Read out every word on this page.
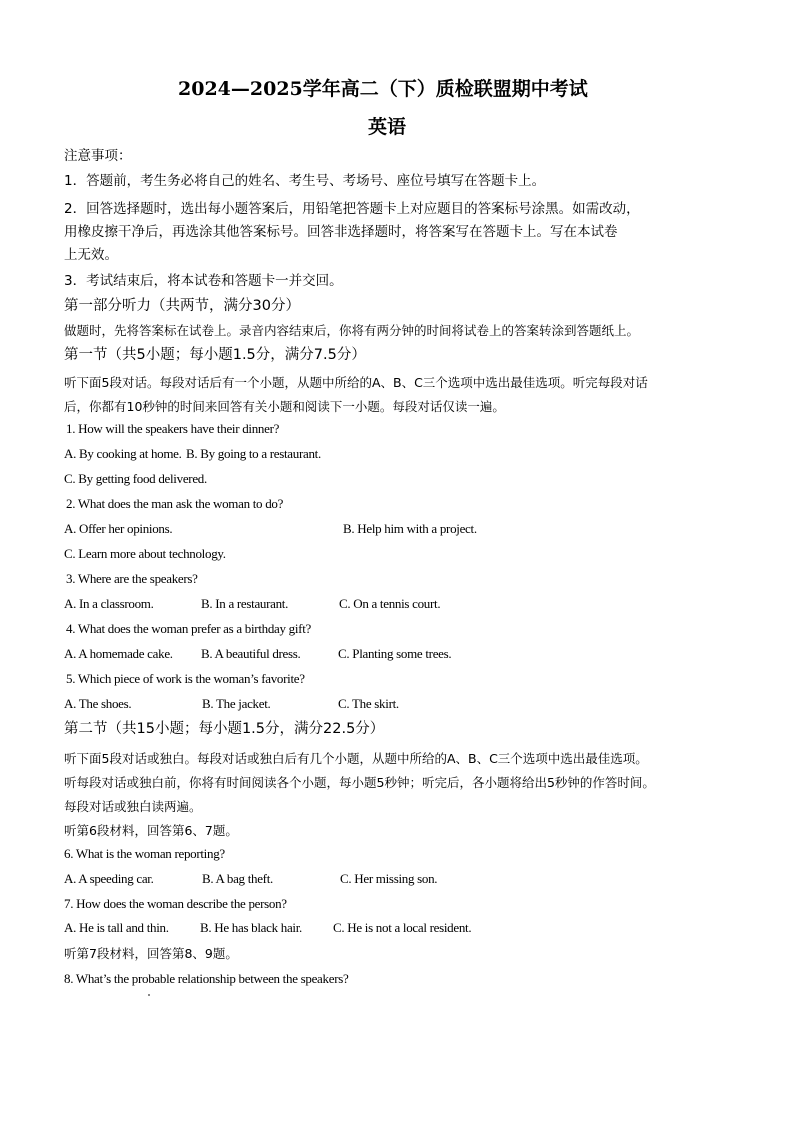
2024—2025学年高二（下）质检联盟期中考试
英语
注意事项：
1．答题前，考生务必将自己的姓名、考生号、考场号、座位号填写在答题卡上。
2．回答选择题时，选出每小题答案后，用铅笔把答题卡上对应题目的答案标号涂黑。如需改动，
用橡皮擦干净后，再选涂其他答案标号。回答非选择题时，将答案写在答题卡上。写在本试卷
上无效。
3．考试结束后，将本试卷和答题卡一并交回。
第一部分听力（共两节，满分30分）
做题时，先将答案标在试卷上。录音内容结束后，你将有两分钟的时间将试卷上的答案转涂到答题纸上。
第一节（共5小题；每小题1.5分，满分7.5分）
听下面5段对话。每段对话后有一个小题，从题中所给的A、B、C三个选项中选出最佳选项。听完每段对话
后，你都有10秒钟的时间来回答有关小题和阅读下一小题。每段对话仅读一遍。
1. How will the speakers have their dinner?
A. By cooking at home. B. By going to a restaurant.
C. By getting food delivered.
2. What does the man ask the woman to do?
A. Offer her opinions.	B. Help him with a project.
C. Learn more about technology.
3. Where are the speakers?
A. In a classroom.	B. In a restaurant.	C. On a tennis court.
4. What does the woman prefer as a birthday gift?
A. A homemade cake. B. A beautiful dress.	C. Planting some trees.
5. Which piece of work is the woman’s favorite?
A. The shoes.	B. The jacket.	C. The skirt.
第二节（共15小题；每小题1.5分，满分22.5分）
听下面5段对话或独白。每段对话或独白后有几个小题，从题中所给的A、B、C三个选项中选出最佳选项。
听每段对话或独白前，你将有时间阅读各个小题，每小题5秒钟；听完后，各小题将给出5秒钟的作答时间。
每段对话或独白读两遍。
听第6段材料，回答第6、7题。
6. What is the woman reporting?
A. A speeding car.	B. A bag theft.	C. Her missing son.
7. How does the woman describe the person?
A. He is tall and thin. B. He has black hair. C. He is not a local resident.
听第7段材料，回答第8、9题。
8. What’s the probable relationship between the speakers?
